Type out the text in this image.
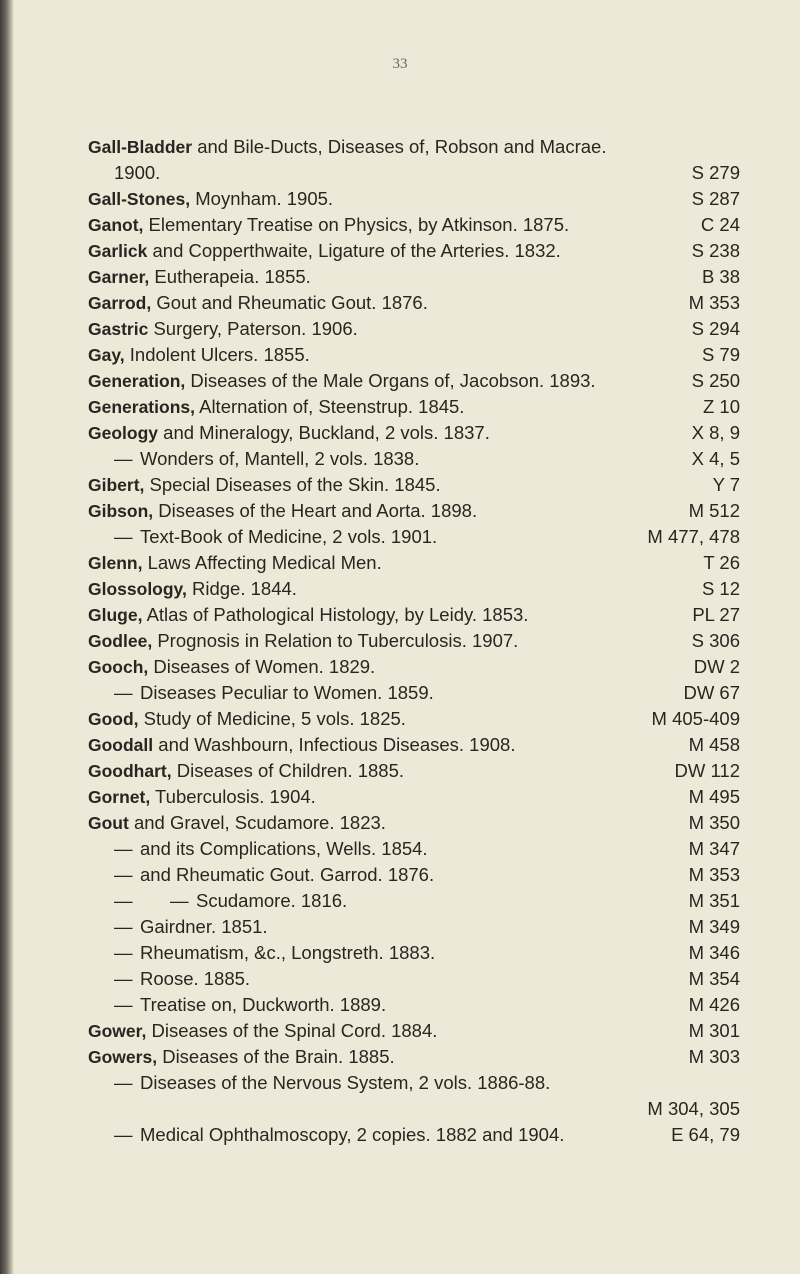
33
Gall-Bladder and Bile-Ducts, Diseases of, Robson and Macrae.
1900.	S 279
Gall-Stones, Moynham. 1905.	S 287
Ganot, Elementary Treatise on Physics, by Atkinson. 1875.	C 24
Garlick and Copperthwaite, Ligature of the Arteries. 1832.	S 238
Garner, Eutherapeia. 1855.	B 38
Garrod, Gout and Rheumatic Gout. 1876.	M 353
Gastric Surgery, Paterson. 1906.	S 294
Gay, Indolent Ulcers. 1855.	S 79
Generation, Diseases of the Male Organs of, Jacobson. 1893.	S 250
Generations, Alternation of, Steenstrup. 1845.	Z 10
Geology and Mineralogy, Buckland, 2 vols. 1837.	X 8, 9
— Wonders of, Mantell, 2 vols. 1838.	X 4, 5
Gibert, Special Diseases of the Skin. 1845.	Y 7
Gibson, Diseases of the Heart and Aorta. 1898.	M 512
— Text-Book of Medicine, 2 vols. 1901.	M 477, 478
Glenn, Laws Affecting Medical Men.	T 26
Glossology, Ridge. 1844.	S 12
Gluge, Atlas of Pathological Histology, by Leidy. 1853.	PL 27
Godlee, Prognosis in Relation to Tuberculosis. 1907.	S 306
Gooch, Diseases of Women. 1829.	DW 2
— Diseases Peculiar to Women. 1859.	DW 67
Good, Study of Medicine, 5 vols. 1825.	M 405-409
Goodall and Washbourn, Infectious Diseases. 1908.	M 458
Goodhart, Diseases of Children. 1885.	DW 112
Gornet, Tuberculosis. 1904.	M 495
Gout and Gravel, Scudamore. 1823.	M 350
— and its Complications, Wells. 1854.	M 347
— and Rheumatic Gout. Garrod. 1876.	M 353
— — Scudamore. 1816.	M 351
— Gairdner. 1851.	M 349
— Rheumatism, &c., Longstreth. 1883.	M 346
— Roose. 1885.	M 354
— Treatise on, Duckworth. 1889.	M 426
Gower, Diseases of the Spinal Cord. 1884.	M 301
Gowers, Diseases of the Brain. 1885.	M 303
— Diseases of the Nervous System, 2 vols. 1886-88.
M 304, 305
— Medical Ophthalmoscopy, 2 copies. 1882 and 1904.	E 64, 79
